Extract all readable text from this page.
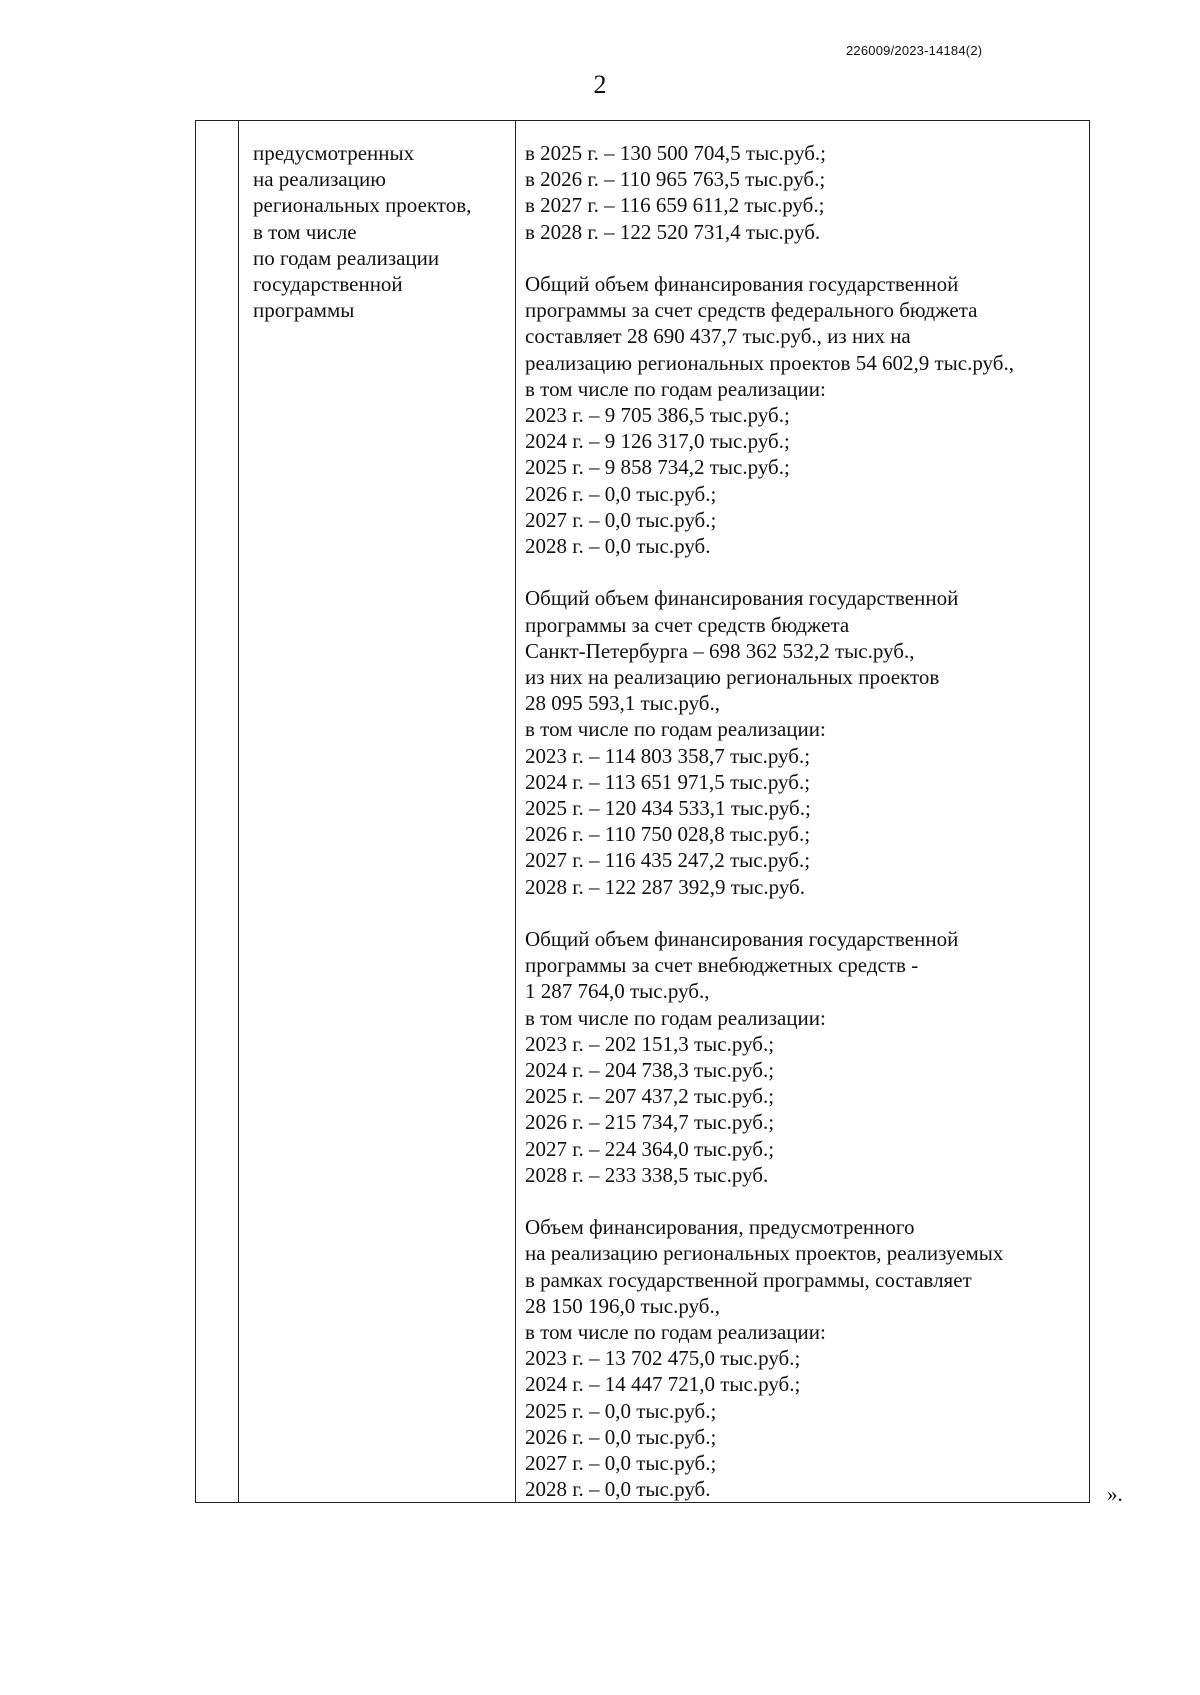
226009/2023-14184(2)
2
предусмотренных
на реализацию
региональных проектов,
в том числе
по годам реализации
государственной
программы
в 2025 г. – 130 500 704,5 тыс.руб.;
в 2026 г. – 110 965 763,5 тыс.руб.;
в 2027 г. – 116 659 611,2 тыс.руб.;
в 2028 г. – 122 520 731,4 тыс.руб.
Общий объем финансирования государственной
программы за счет средств федерального бюджета
составляет 28 690 437,7 тыс.руб., из них на
реализацию региональных проектов 54 602,9 тыс.руб.,
в том числе по годам реализации:
2023 г. – 9 705 386,5 тыс.руб.;
2024 г. – 9 126 317,0 тыс.руб.;
2025 г. – 9 858 734,2 тыс.руб.;
2026 г. – 0,0 тыс.руб.;
2027 г. – 0,0 тыс.руб.;
2028 г. – 0,0 тыс.руб.
Общий объем финансирования государственной
программы за счет средств бюджета
Санкт-Петербурга – 698 362 532,2 тыс.руб.,
из них на реализацию региональных проектов
28 095 593,1 тыс.руб.,
в том числе по годам реализации:
2023 г. – 114 803 358,7 тыс.руб.;
2024 г. – 113 651 971,5 тыс.руб.;
2025 г. – 120 434 533,1 тыс.руб.;
2026 г. – 110 750 028,8 тыс.руб.;
2027 г. – 116 435 247,2 тыс.руб.;
2028 г. – 122 287 392,9 тыс.руб.
Общий объем финансирования государственной
программы за счет внебюджетных средств -
1 287 764,0 тыс.руб.,
в том числе по годам реализации:
2023 г. – 202 151,3 тыс.руб.;
2024 г. – 204 738,3 тыс.руб.;
2025 г. – 207 437,2 тыс.руб.;
2026 г. – 215 734,7 тыс.руб.;
2027 г. – 224 364,0 тыс.руб.;
2028 г. – 233 338,5 тыс.руб.
Объем финансирования, предусмотренного
на реализацию региональных проектов, реализуемых
в рамках государственной программы, составляет
28 150 196,0 тыс.руб.,
в том числе по годам реализации:
2023 г. – 13 702 475,0 тыс.руб.;
2024 г. – 14 447 721,0 тыс.руб.;
2025 г. – 0,0 тыс.руб.;
2026 г. – 0,0 тыс.руб.;
2027 г. – 0,0 тыс.руб.;
2028 г. – 0,0 тыс.руб.	».
